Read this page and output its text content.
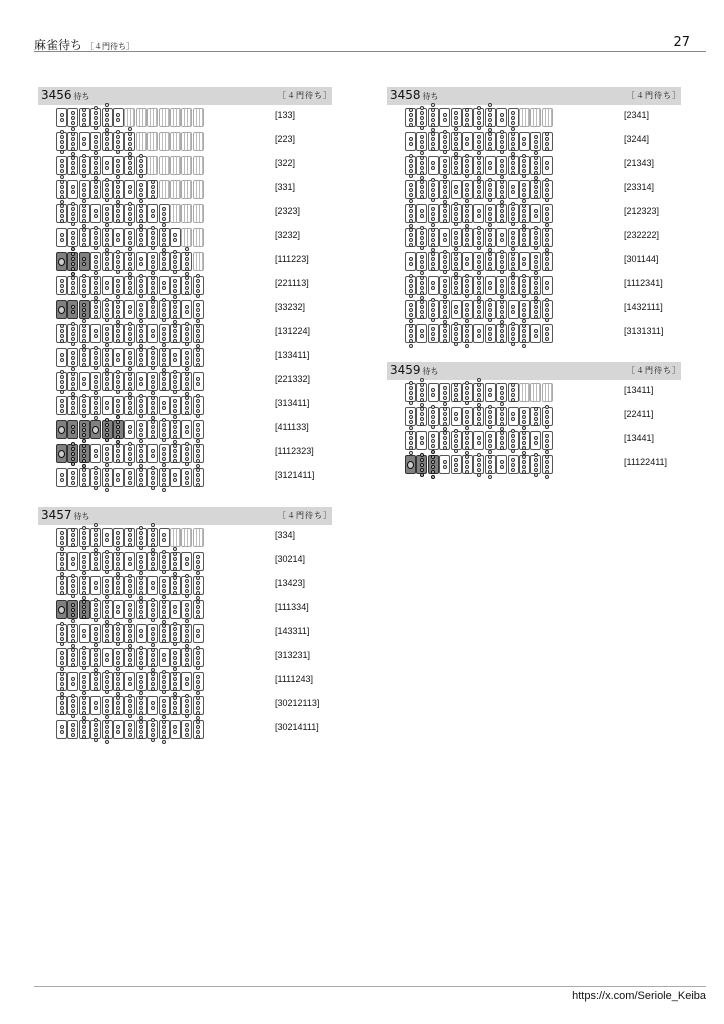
麻雀待ち ［４門待ち］	27
3456 待ち	［４門待ち］
[133]
[223]
[322]
[331]
[2323]
[3232]
[111223]
[221113]
[33232]
[131224]
[133411]
[221332]
[313411]
[411133]
[1112323]
[3121411]
3457 待ち	［４門待ち］
[334]
[30214]
[13423]
[111334]
[143311]
[313231]
[1111243]
[30212113]
[30214111]
3458 待ち	［４門待ち］
[2341]
[3244]
[21343]
[23314]
[212323]
[232222]
[301144]
[1112341]
[1432111]
[3131311]
3459 待ち	［４門待ち］
[13411]
[22411]
[13441]
[11122411]
https://x.com/Seriole_Keiba
